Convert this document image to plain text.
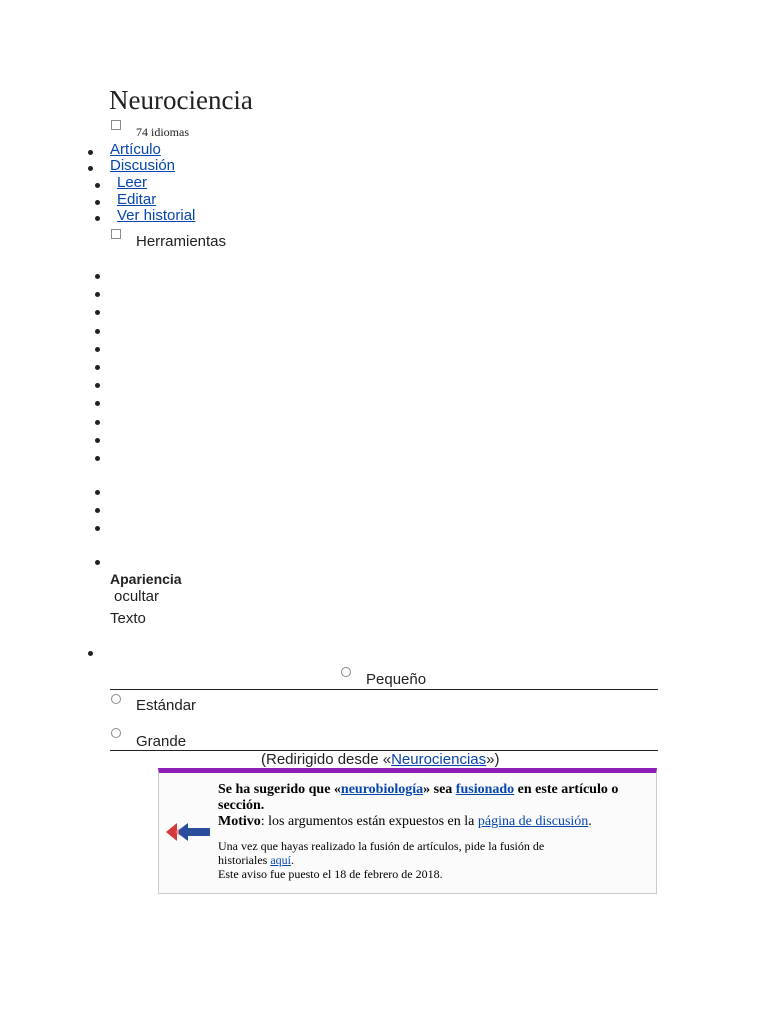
Neurociencia
74 idiomas
Artículo
Discusión
Leer
Editar
Ver historial
Herramientas
Apariencia
ocultar
Texto
Pequeño
Estándar
Grande
(Redirigido desde «Neurociencias»)
Se ha sugerido que «neurobiología» sea fusionado en este artículo o sección.
Motivo: los argumentos están expuestos en la página de discusión.
Una vez que hayas realizado la fusión de artículos, pide la fusión de historiales aquí.
Este aviso fue puesto el 18 de febrero de 2018.
